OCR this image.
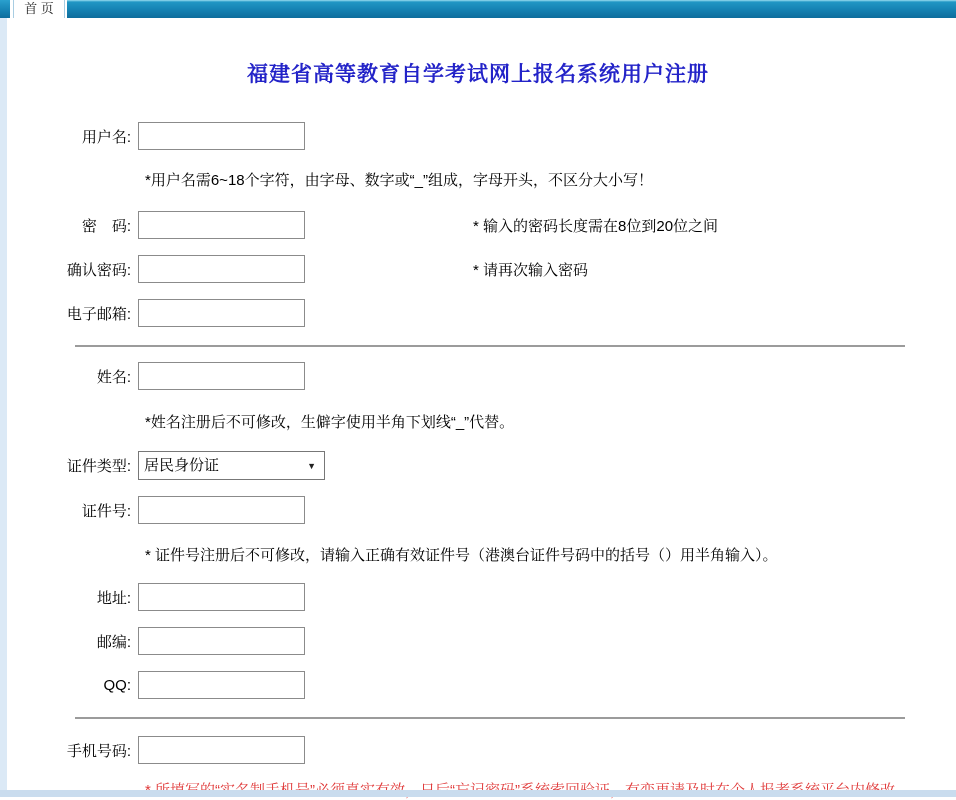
首 页
福建省高等教育自学考试网上报名系统用户注册
用户名:
*用户名需6~18个字符，由字母、数字或“_”组成，字母开头，不区分大小写！
密　码:	* 输入的密码长度需在8位到20位之间
确认密码:	* 请再次输入密码
电子邮箱:
姓名:
*姓名注册后不可修改，生僻字使用半角下划线“_”代替。
证件类型:
居民身份证	▼
证件号:
* 证件号注册后不可修改，请输入正确有效证件号（港澳台证件号码中的括号（）用半角输入）。
地址:
邮编:
QQ:
手机号码:
